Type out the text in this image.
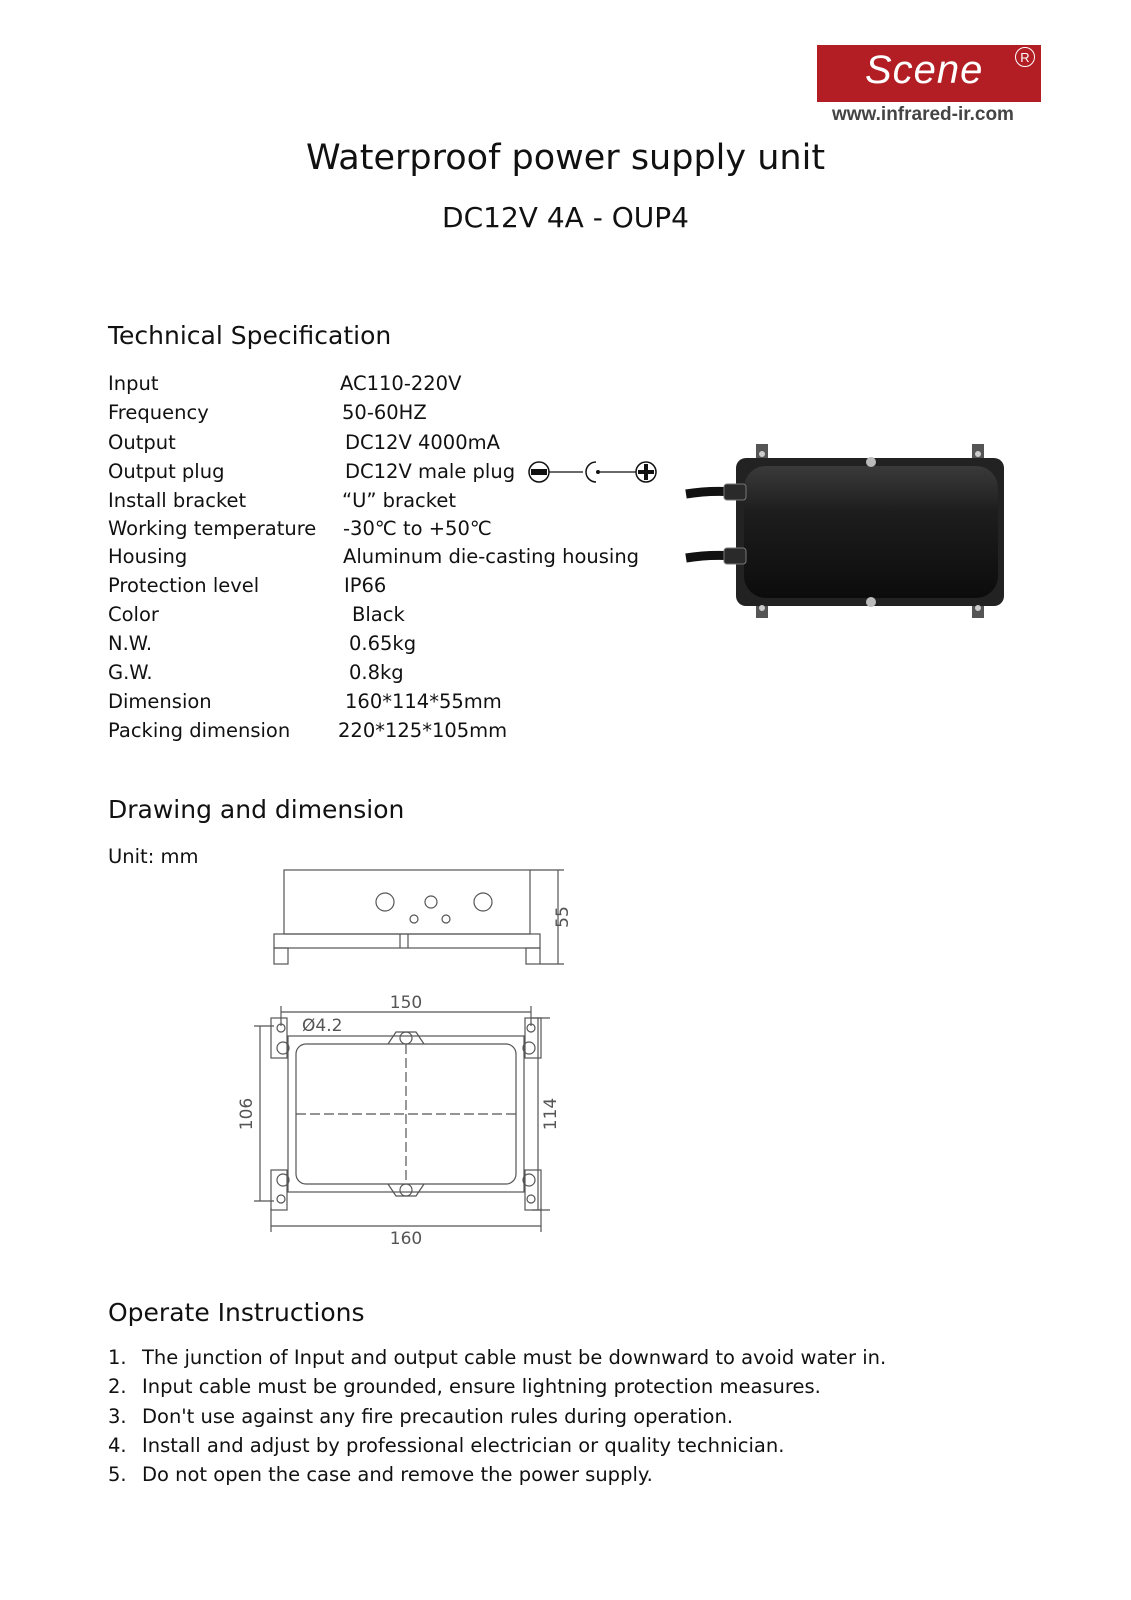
Scene	R
www.infrared-ir.com
Waterproof power supply unit
DC12V 4A - OUP4
Technical Specification
Input	AC110-220V
Frequency	50-60HZ
Output	DC12V 4000mA
Output plug	DC12V male plug
Install bracket	“U” bracket
Working temperature -30℃ to +50℃
Housing	Aluminum die-casting housing
Protection level	IP66
Color	Black
N.W.	0.65kg
G.W.	0.8kg
Dimension	160*114*55mm
Packing dimension 220*125*105mm
Drawing and dimension
Unit: mm
55
150
Ø4.2
160
106	114
Operate Instructions
1. The junction of Input and output cable must be downward to avoid water in.
2. Input cable must be grounded, ensure lightning protection measures.
3. Don't use against any fire precaution rules during operation.
4. Install and adjust by professional electrician or quality technician.
5. Do not open the case and remove the power supply.
